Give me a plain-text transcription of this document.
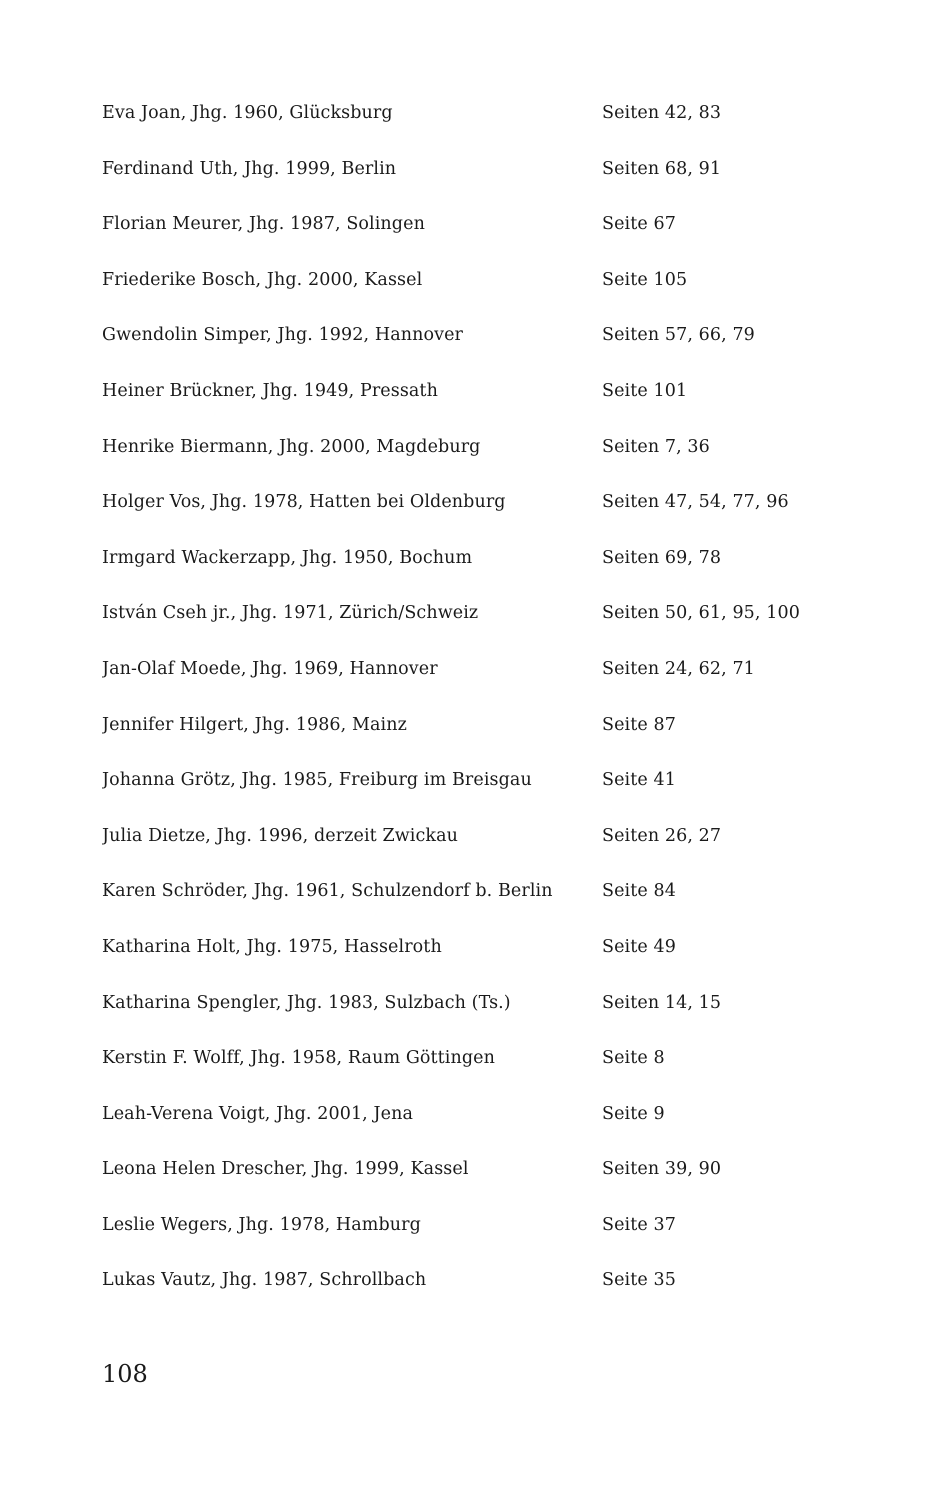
Eva Joan, Jhg. 1960, Glücksburg	Seiten 42, 83
Ferdinand Uth, Jhg. 1999, Berlin	Seiten 68, 91
Florian Meurer, Jhg. 1987, Solingen	Seite 67
Friederike Bosch, Jhg. 2000, Kassel	Seite 105
Gwendolin Simper, Jhg. 1992, Hannover	Seiten 57, 66, 79
Heiner Brückner, Jhg. 1949, Pressath	Seite 101
Henrike Biermann, Jhg. 2000, Magdeburg	Seiten 7, 36
Holger Vos, Jhg. 1978, Hatten bei Oldenburg	Seiten 47, 54, 77, 96
Irmgard Wackerzapp, Jhg. 1950, Bochum	Seiten 69, 78
István Cseh jr., Jhg. 1971, Zürich/Schweiz	Seiten 50, 61, 95, 100
Jan-Olaf Moede, Jhg. 1969, Hannover	Seiten 24, 62, 71
Jennifer Hilgert, Jhg. 1986, Mainz	Seite 87
Johanna Grötz, Jhg. 1985, Freiburg im Breisgau	Seite 41
Julia Dietze, Jhg. 1996, derzeit Zwickau	Seiten 26, 27
Karen Schröder, Jhg. 1961, Schulzendorf b. Berlin	Seite 84
Katharina Holt, Jhg. 1975, Hasselroth	Seite 49
Katharina Spengler, Jhg. 1983, Sulzbach (Ts.)	Seiten 14, 15
Kerstin F. Wolff, Jhg. 1958, Raum Göttingen	Seite 8
Leah-Verena Voigt, Jhg. 2001, Jena	Seite 9
Leona Helen Drescher, Jhg. 1999, Kassel	Seiten 39, 90
Leslie Wegers, Jhg. 1978, Hamburg	Seite 37
Lukas Vautz, Jhg. 1987, Schrollbach	Seite 35
108
